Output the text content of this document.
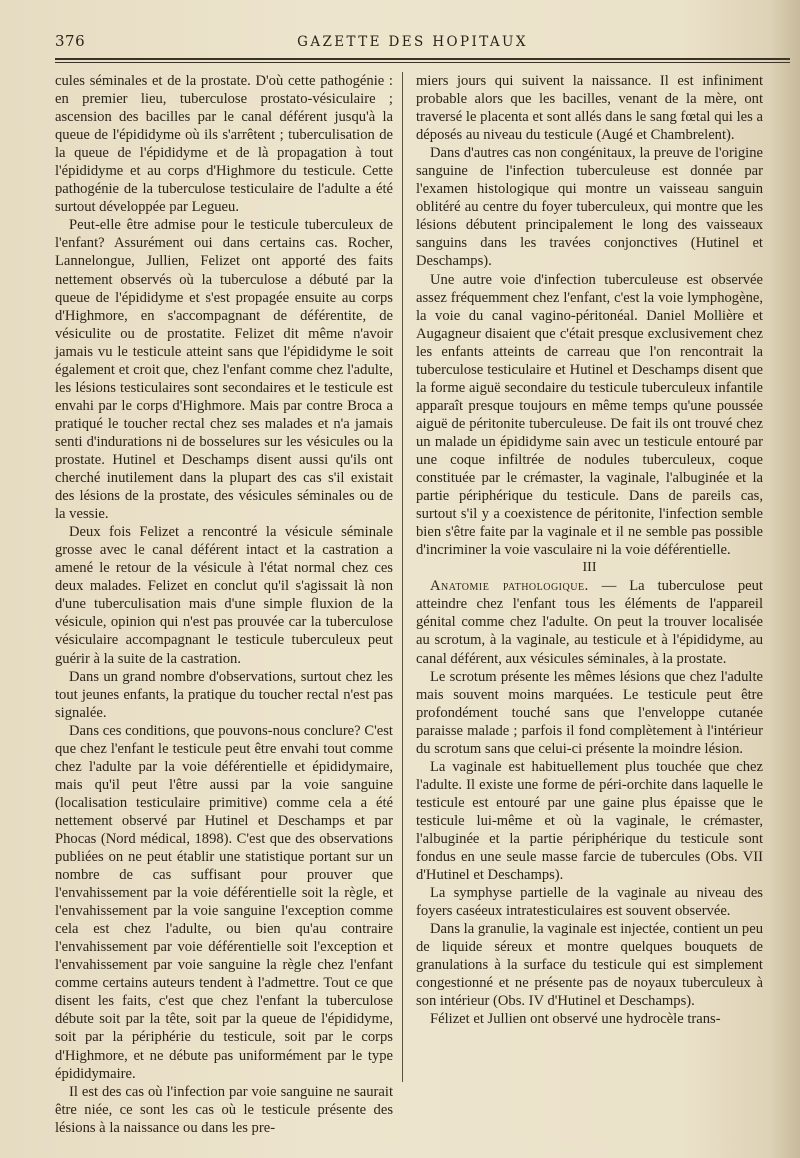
376	GAZETTE DES HOPITAUX

cules séminales et de la prostate. D'où cette pathogénie : en premier lieu, tuberculose prostato-vésiculaire ; ascension des bacilles par le canal déférent jusqu'à la queue de l'épididyme où ils s'arrêtent ; tuberculisation de la queue de l'épididyme et de là propagation à tout l'épididyme et au corps d'Highmore du testicule. Cette pathogénie de la tuberculose testiculaire de l'adulte a été surtout développée par Legueu.

Peut-elle être admise pour le testicule tuberculeux de l'enfant? Assurément oui dans certains cas. Rocher, Lannelongue, Jullien, Felizet ont apporté des faits nettement observés où la tuberculose a débuté par la queue de l'épididyme et s'est propagée ensuite au corps d'Highmore, en s'accompagnant de déférentite, de vésiculite ou de prostatite. Felizet dit même n'avoir jamais vu le testicule atteint sans que l'épididyme le soit également et croit que, chez l'enfant comme chez l'adulte, les lésions testiculaires sont secondaires et le testicule est envahi par le corps d'Highmore. Mais par contre Broca a pratiqué le toucher rectal chez ses malades et n'a jamais senti d'indurations ni de bosselures sur les vésicules ou la prostate. Hutinel et Deschamps disent aussi qu'ils ont cherché inutilement dans la plupart des cas s'il existait des lésions de la prostate, des vésicules séminales ou de la vessie.

Deux fois Felizet a rencontré la vésicule séminale grosse avec le canal déférent intact et la castration a amené le retour de la vésicule à l'état normal chez ces deux malades. Felizet en conclut qu'il s'agissait là non d'une tuberculisation mais d'une simple fluxion de la vésicule, opinion qui n'est pas prouvée car la tuberculose vésiculaire accompagnant le testicule tuberculeux peut guérir à la suite de la castration.

Dans un grand nombre d'observations, surtout chez les tout jeunes enfants, la pratique du toucher rectal n'est pas signalée.

Dans ces conditions, que pouvons-nous conclure? C'est que chez l'enfant le testicule peut être envahi tout comme chez l'adulte par la voie déférentielle et épididymaire, mais qu'il peut l'être aussi par la voie sanguine (localisation testiculaire primitive) comme cela a été nettement observé par Hutinel et Deschamps et par Phocas (Nord médical, 1898). C'est que des observations publiées on ne peut établir une statistique portant sur un nombre de cas suffisant pour prouver que l'envahissement par la voie déférentielle soit la règle, et l'envahissement par la voie sanguine l'exception comme cela est chez l'adulte, ou bien qu'au contraire l'envahissement par voie déférentielle soit l'exception et l'envahissement par voie sanguine la règle chez l'enfant comme certains auteurs tendent à l'admettre. Tout ce que disent les faits, c'est que chez l'enfant la tuberculose débute soit par la tête, soit par la queue de l'épididyme, soit par la périphérie du testicule, soit par le corps d'Highmore, et ne débute pas uniformément par le type épididymaire.

Il est des cas où l'infection par voie sanguine ne saurait être niée, ce sont les cas où le testicule présente des lésions à la naissance ou dans les pre-

miers jours qui suivent la naissance. Il est infiniment probable alors que les bacilles, venant de la mère, ont traversé le placenta et sont allés dans le sang fœtal qui les a déposés au niveau du testicule (Augé et Chambrelent).

Dans d'autres cas non congénitaux, la preuve de l'origine sanguine de l'infection tuberculeuse est donnée par l'examen histologique qui montre un vaisseau sanguin oblitéré au centre du foyer tuberculeux, qui montre que les lésions débutent principalement le long des vaisseaux sanguins dans les travées conjonctives (Hutinel et Deschamps).

Une autre voie d'infection tuberculeuse est observée assez fréquemment chez l'enfant, c'est la voie lymphogène, la voie du canal vagino-péritonéal. Daniel Mollière et Augagneur disaient que c'était presque exclusivement chez les enfants atteints de carreau que l'on rencontrait la tuberculose testiculaire et Hutinel et Deschamps disent que la forme aiguë secondaire du testicule tuberculeux infantile apparaît presque toujours en même temps qu'une poussée aiguë de péritonite tuberculeuse. De fait ils ont trouvé chez un malade un épididyme sain avec un testicule entouré par une coque infiltrée de nodules tuberculeux, coque constituée par le crémaster, la vaginale, l'albuginée et la partie périphérique du testicule. Dans de pareils cas, surtout s'il y a coexistence de péritonite, l'infection semble bien s'être faite par la vaginale et il ne semble pas possible d'incriminer la voie vasculaire ni la voie déférentielle.

III

Anatomie pathologique. — La tuberculose peut atteindre chez l'enfant tous les éléments de l'appareil génital comme chez l'adulte. On peut la trouver localisée au scrotum, à la vaginale, au testicule et à l'épididyme, au canal déférent, aux vésicules séminales, à la prostate.

Le scrotum présente les mêmes lésions que chez l'adulte mais souvent moins marquées. Le testicule peut être profondément touché sans que l'enveloppe cutanée paraisse malade ; parfois il fond complètement à l'intérieur du scrotum sans que celui-ci présente la moindre lésion.

La vaginale est habituellement plus touchée que chez l'adulte. Il existe une forme de péri-orchite dans laquelle le testicule est entouré par une gaine plus épaisse que le testicule lui-même et où la vaginale, le crémaster, l'albuginée et la partie périphérique du testicule sont fondus en une seule masse farcie de tubercules (Obs. VII d'Hutinel et Deschamps).

La symphyse partielle de la vaginale au niveau des foyers caséeux intratesticulaires est souvent observée.

Dans la granulie, la vaginale est injectée, contient un peu de liquide séreux et montre quelques bouquets de granulations à la surface du testicule qui est simplement congestionné et ne présente pas de noyaux tuberculeux à son intérieur (Obs. IV d'Hutinel et Deschamps).

Félizet et Jullien ont observé une hydrocèle trans-
